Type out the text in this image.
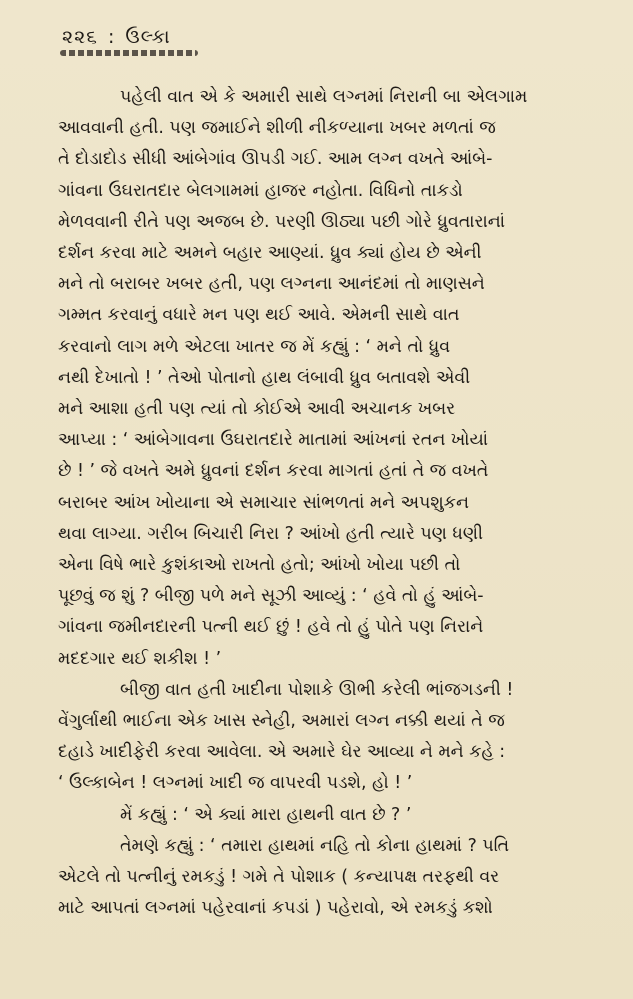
૨૨૬ : ઉલ્કા

પહેલી વાત એ કે અમારી સાથે લગ્નમાં નિરાની બા એલગામ
આવવાની હતી. પણ જમાઈને શીળી નીકળ્યાના ખબર મળતાં જ
તે દોડાદોડ સીધી આંબેગાંવ ઊપડી ગઈ. આમ લગ્ન વખતે આંબે-
ગાંવના ઉઘરાતદાર બેલગામમાં હાજર નહોતા. વિધિનો તાકડો
મેળવવાની રીતે પણ અજબ છે. પરણી ઊઠ્યા પછી ગોરે ધ્રુવતારાનાં
દર્શન કરવા માટે અમને બહાર આણ્યાં. ધ્રુવ ક્યાં હોય છે એની
મને તો બરાબર ખબર હતી, પણ લગ્નના આનંદમાં તો માણસને
ગમ્મત કરવાનું વધારે મન પણ થઈ આવે. એમની સાથે વાત
કરવાનો લાગ મળે એટલા ખાતર જ મેં કહ્યું : ‘ મને તો ધ્રુવ
નથી દેખાતો ! ’ તેઓ પોતાનો હાથ લંબાવી ધ્રુવ બતાવશે એવી
મને આશા હતી પણ ત્યાં તો કોઈએ આવી અચાનક ખબર
આપ્યા : ‘ આંબેગાવના ઉઘરાતદારે માતામાં આંખનાં રતન ખોયાં
છે ! ’ જે વખતે અમે ધ્રુવનાં દર્શન કરવા માગતાં હતાં તે જ વખતે
બરાબર આંખ ખોયાના એ સમાચાર સાંભળતાં મને અપશુકન
થવા લાગ્યા. ગરીબ બિચારી નિરા ? આંખો હતી ત્યારે પણ ધણી
એના વિષે ભારે કુશંકાઓ રાખતો હતો; આંખો ખોયા પછી તો
પૂછવું જ શું ? બીજી પળે મને સૂઝી આવ્યું : ‘ હવે તો હું આંબે-
ગાંવના જમીનદારની પત્ની થઈ છું ! હવે તો હું પોતે પણ નિરાને
મદદગાર થઈ શકીશ ! ’

બીજી વાત હતી ખાદીના પોશાકે ઊભી કરેલી ભાંજગડની !
વેંગુર્લાથી ભાઈના એક ખાસ સ્નેહી, અમારાં લગ્ન નક્કી થયાં તે જ
દહાડે ખાદીફેરી કરવા આવેલા. એ અમારે ઘેર આવ્યા ને મને કહે :
‘ ઉલ્કાબેન ! લગ્નમાં ખાદી જ વાપરવી પડશે, હો ! ’

મેં કહ્યું : ‘ એ ક્યાં મારા હાથની વાત છે ? ’

તેમણે કહ્યું : ‘ તમારા હાથમાં નહિ તો કોના હાથમાં ? પતિ
એટલે તો પત્નીનું રમકડું ! ગમે તે પોશાક ( કન્યાપક્ષ તરફથી વર
માટે આપતાં લગ્નમાં પહેરવાનાં કપડાં ) પહેરાવો, એ રમકડું કશો
